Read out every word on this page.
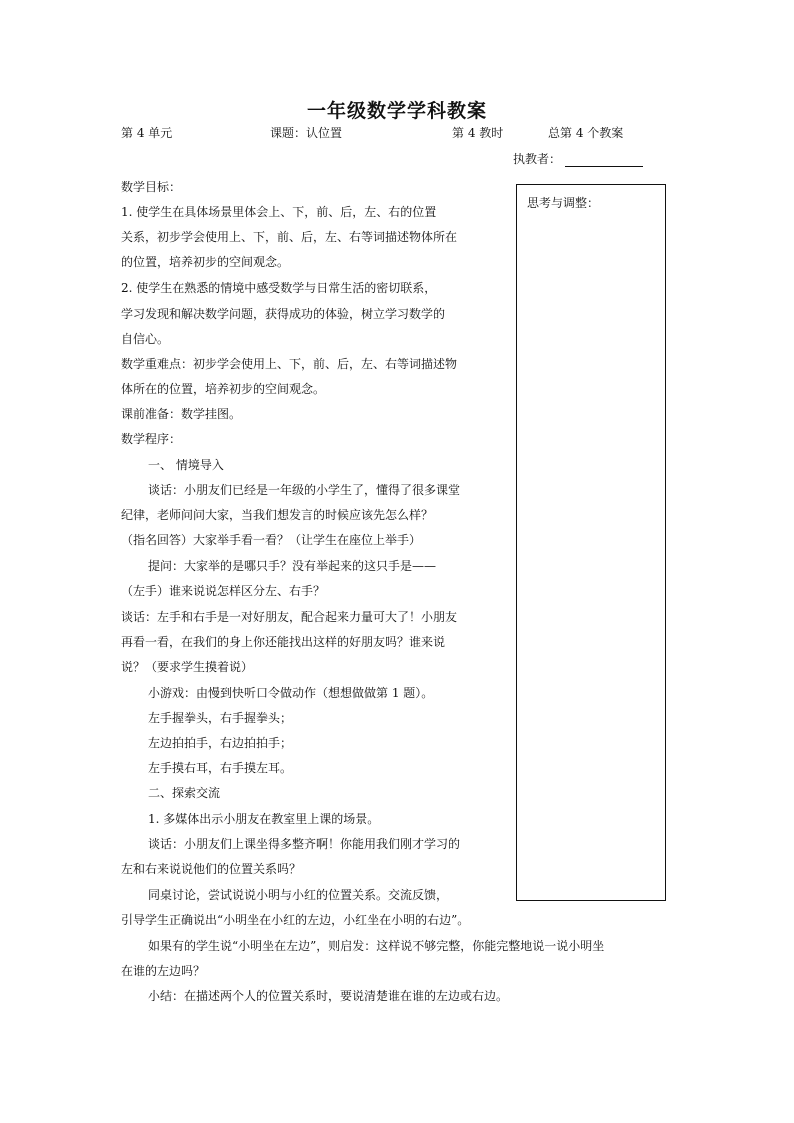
一年级数学学科教案
第 4 单元	课题：认位置	第 4 教时	总第 4 个教案
执教者：
思考与调整：
数学目标：
1. 使学生在具体场景里体会上、下，前、后，左、右的位置
关系，初步学会使用上、下，前、后，左、右等词描述物体所在
的位置，培养初步的空间观念。
2. 使学生在熟悉的情境中感受数学与日常生活的密切联系，
学习发现和解决数学问题，获得成功的体验，树立学习数学的
自信心。
数学重难点：初步学会使用上、下，前、后，左、右等词描述物
体所在的位置，培养初步的空间观念。
课前准备：数学挂图。
数学程序：
一、 情境导入
谈话：小朋友们已经是一年级的小学生了，懂得了很多课堂
纪律，老师问问大家，当我们想发言的时候应该先怎么样？
（指名回答）大家举手看一看？（让学生在座位上举手）
提问：大家举的是哪只手？没有举起来的这只手是——
（左手）谁来说说怎样区分左、右手？
谈话：左手和右手是一对好朋友，配合起来力量可大了！小朋友
再看一看，在我们的身上你还能找出这样的好朋友吗？谁来说
说？（要求学生摸着说）
小游戏：由慢到快听口令做动作（想想做做第 1 题）。
左手握拳头，右手握拳头；
左边拍拍手，右边拍拍手；
左手摸右耳，右手摸左耳。
二、探索交流
1. 多媒体出示小朋友在教室里上课的场景。
谈话：小朋友们上课坐得多整齐啊！你能用我们刚才学习的
左和右来说说他们的位置关系吗？
同桌讨论，尝试说说小明与小红的位置关系。交流反馈，
引导学生正确说出“小明坐在小红的左边，小红坐在小明的右边”。
如果有的学生说“小明坐在左边”，则启发：这样说不够完整，你能完整地说一说小明坐
在谁的左边吗？
小结：在描述两个人的位置关系时，要说清楚谁在谁的左边或右边。
